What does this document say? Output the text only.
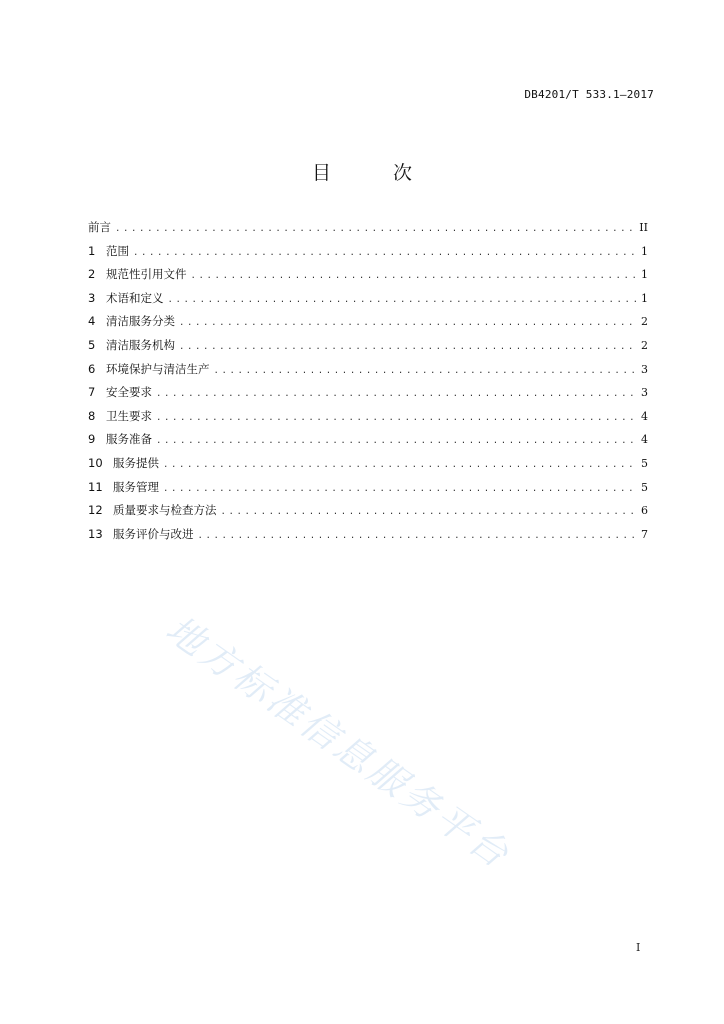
DB4201/T 533.1—2017
目 次
前言 .....	II
1 范围 .....	1
2 规范性引用文件 .....	1
3 术语和定义 .....	1
4 清洁服务分类 .....	2
5 清洁服务机构 .....	2
6 环境保护与清洁生产 .....	3
7 安全要求 .....	3
8 卫生要求 .....	4
9 服务准备 .....	4
10 服务提供 .....	5
11 服务管理 .....	5
12 质量要求与检查方法 .....	6
13 服务评价与改进 .....	7
地方标准信息服务平台
I
